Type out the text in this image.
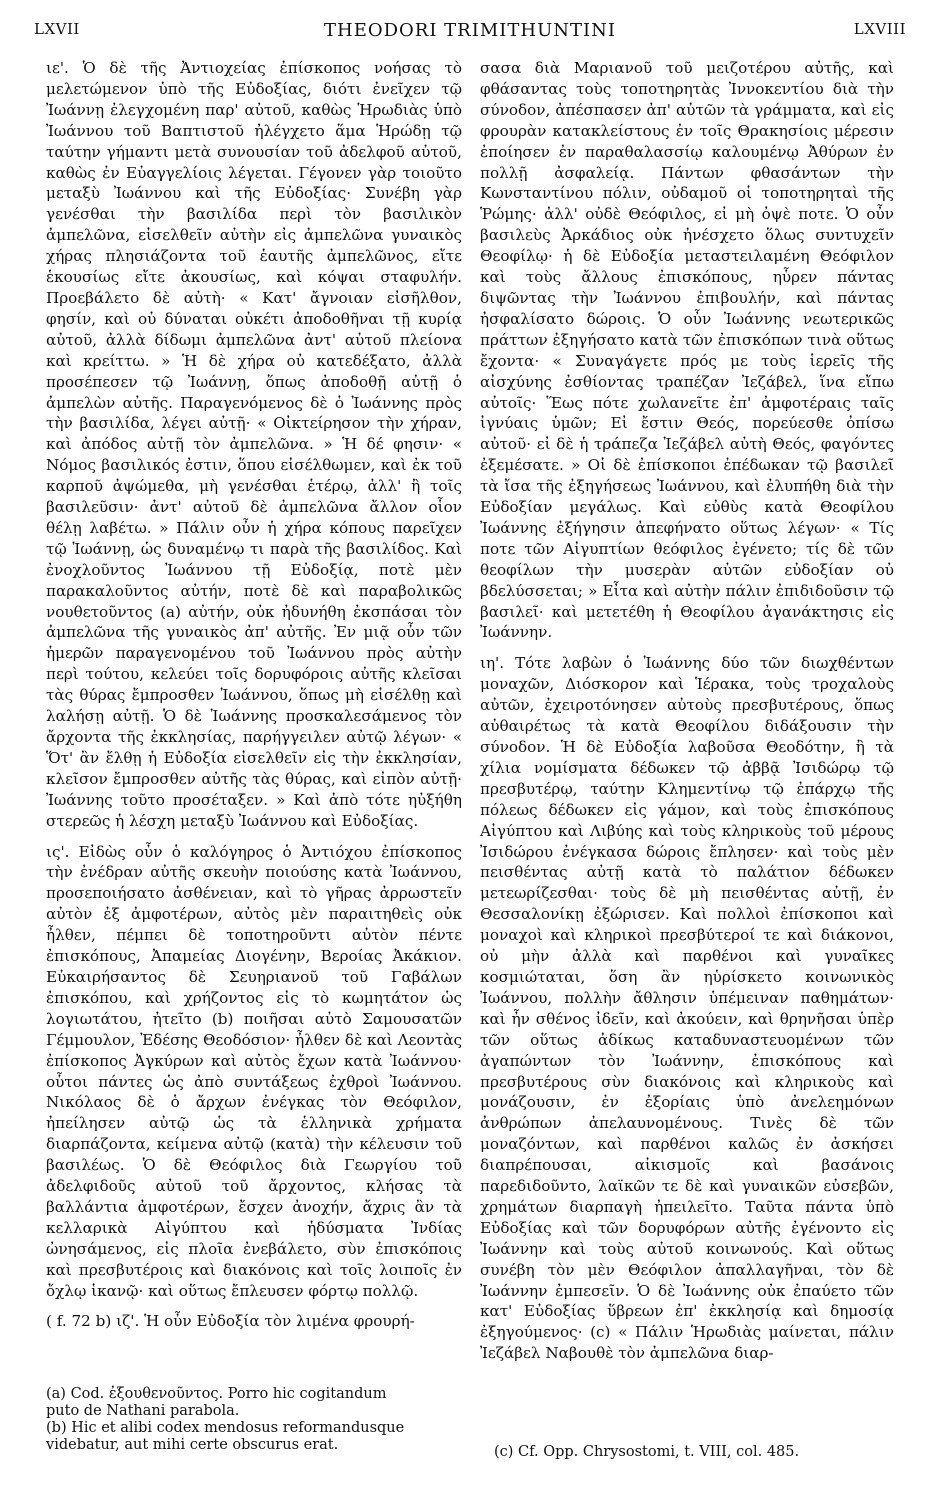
LXVII	THEODORI TRIMITHUNTINI	LXVIII

ιε'. Ὁ δὲ τῆς Ἀντιοχείας ἐπίσκοπος νοήσας τὸ μελετώμενον ὑπὸ τῆς Εὐδοξίας, διότι ἐνεῖχεν τῷ Ἰωάννῃ ἐλεγχομένη παρ' αὐτοῦ, καθὼς Ἡρωδιὰς ὑπὸ Ἰωάννου τοῦ Βαπτιστοῦ ἠλέγχετο ἅμα Ἡρώδῃ τῷ ταύτην γήμαντι μετὰ συνουσίαν τοῦ ἀδελφοῦ αὐτοῦ, καθὼς ἐν Εὐαγγελίοις λέγεται. Γέγονεν γὰρ τοιοῦτο μεταξὺ Ἰωάννου καὶ τῆς Εὐδοξίας· Συνέβη γὰρ γενέσθαι τὴν βασιλίδα περὶ τὸν βασιλικὸν ἀμπελῶνα, εἰσελθεῖν αὐτὴν εἰς ἀμπελῶνα γυναικὸς χήρας πλησιάζοντα τοῦ ἑαυτῆς ἀμπελῶνος, εἴτε ἑκουσίως εἴτε ἀκουσίως, καὶ κόψαι σταφυλήν. Προεβάλετο δὲ αὐτὴ· « Κατ' ἄγνοιαν εἰσῆλθον, φησίν, καὶ οὐ δύναται οὐκέτι ἀποδοθῆναι τῇ κυρίᾳ αὐτοῦ, ἀλλὰ δίδωμι ἀμπελῶνα ἀντ' αὐτοῦ πλείονα καὶ κρείττω. » Ἡ δὲ χήρα οὐ κατεδέξατο, ἀλλὰ προσέπεσεν τῷ Ἰωάννῃ, ὅπως ἀποδοθῇ αὐτῇ ὁ ἀμπελὼν αὐτῆς. Παραγενόμενος δὲ ὁ Ἰωάννης πρὸς τὴν βασιλίδα, λέγει αὐτῇ· « Οἰκτείρησον τὴν χήραν, καὶ ἀπόδος αὐτῇ τὸν ἀμπελῶνα. » Ἡ δέ φησιν· « Νόμος βασιλικός ἐστιν, ὅπου εἰσέλθωμεν, καὶ ἐκ τοῦ καρποῦ ἀψώμεθα, μὴ γενέσθαι ἑτέρῳ, ἀλλ' ἢ τοῖς βασιλεῦσιν· ἀντ' αὐτοῦ δὲ ἀμπελῶνα ἄλλον οἷον θέλῃ λαβέτω. » Πάλιν οὖν ἡ χήρα κόπους παρεῖχεν τῷ Ἰωάννῃ, ὡς δυναμένῳ τι παρὰ τῆς βασιλίδος. Καὶ ἐνοχλοῦντος Ἰωάννου τῇ Εὐδοξίᾳ, ποτὲ μὲν παρακαλοῦντος αὐτήν, ποτὲ δὲ καὶ παραβολικῶς νουθετοῦντος (a) αὐτήν, οὐκ ἠδυνήθη ἐκσπάσαι τὸν ἀμπελῶνα τῆς γυναικὸς ἀπ' αὐτῆς. Ἐν μιᾷ οὖν τῶν ἡμερῶν παραγενομένου τοῦ Ἰωάννου πρὸς αὐτὴν περὶ τούτου, κελεύει τοῖς δορυφόροις αὐτῆς κλεῖσαι τὰς θύρας ἔμπροσθεν Ἰωάννου, ὅπως μὴ εἰσέλθῃ καὶ λαλήσῃ αὐτῇ. Ὁ δὲ Ἰωάννης προσκαλεσάμενος τὸν ἄρχοντα τῆς ἐκκλησίας, παρήγγειλεν αὐτῷ λέγων· « Ὅτ' ἂν ἔλθῃ ἡ Εὐδοξία εἰσελθεῖν εἰς τὴν ἐκκλησίαν, κλεῖσον ἔμπροσθεν αὐτῆς τὰς θύρας, καὶ εἰπὸν αὐτῇ· Ἰωάννης τοῦτο προσέταξεν. » Καὶ ἀπὸ τότε ηὐξήθη στερεῶς ἡ λέσχη μεταξὺ Ἰωάννου καὶ Εὐδοξίας.

ις'. Εἰδὼς οὖν ὁ καλόγηρος ὁ Ἀντιόχου ἐπίσκοπος τὴν ἐνέδραν αὐτῆς σκευὴν ποιούσης κατὰ Ἰωάννου, προσεποιήσατο ἀσθένειαν, καὶ τὸ γῆρας ἀρρωστεῖν αὐτὸν ἐξ ἀμφοτέρων, αὐτὸς μὲν παραιτηθεὶς οὐκ ἦλθεν, πέμπει δὲ τοποτηροῦντι αὐτὸν πέντε ἐπισκόπους, Ἀπαμείας Διογένην, Βεροίας Ἀκάκιον. Εὐκαιρήσαντος δὲ Σευηριανοῦ τοῦ Γαβάλων ἐπισκόπου, καὶ χρήζοντος εἰς τὸ κωμητάτον ὡς λογιωτάτου, ἠτεῖτο (b) ποιῆσαι αὐτὸ Σαμουσατῶν Γέμμουλον, Ἐδέσης Θεοδόσιον· ἦλθεν δὲ καὶ Λεοντὰς ἐπίσκοπος Ἀγκύρων καὶ αὐτὸς ἔχων κατὰ Ἰωάννου· οὗτοι πάντες ὡς ἀπὸ συντάξεως ἐχθροὶ Ἰωάννου. Νικόλαος δὲ ὁ ἄρχων ἐνέγκας τὸν Θεόφιλον, ἠπείλησεν αὐτῷ ὡς τὰ ἑλληνικὰ χρήματα διαρπάζοντα, κείμενα αὐτῷ (κατὰ) τὴν κέλευσιν τοῦ βασιλέως. Ὁ δὲ Θεόφιλος διὰ Γεωργίου τοῦ ἀδελφιδοῦς αὐτοῦ τοῦ ἄρχοντος, κλήσας τὰ βαλλάντια ἀμφοτέρων, ἔσχεν ἀνοχήν, ἄχρις ἂν τὰ κελλαρικὰ Αἰγύπτου καὶ ἡδύσματα Ἰνδίας ὠνησάμενος, εἰς πλοῖα ἐνεβάλετο, σὺν ἐπισκόποις καὶ πρεσβυτέροις καὶ διακόνοις καὶ τοῖς λοιποῖς ἐν ὄχλῳ ἱκανῷ· καὶ οὕτως ἔπλευσεν φόρτῳ πολλῷ.

( f. 72 b) ιζ'. Ἡ οὖν Εὐδοξία τὸν λιμένα φρουρή-

σασα διὰ Μαριανοῦ τοῦ μειζοτέρου αὐτῆς, καὶ φθάσαντας τοὺς τοποτηρητὰς Ἰννοκεντίου διὰ τὴν σύνοδον, ἀπέσπασεν ἀπ' αὐτῶν τὰ γράμματα, καὶ εἰς φρουρὰν κατακλείστους ἐν τοῖς Θρακησίοις μέρεσιν ἐποίησεν ἐν παραθαλασσίῳ καλουμένῳ Ἀθύρων ἐν πολλῇ ἀσφαλείᾳ. Πάντων φθασάντων τὴν Κωνσταντίνου πόλιν, οὐδαμοῦ οἱ τοποτηρηταὶ τῆς Ῥώμης· ἀλλ' οὐδὲ Θεόφιλος, εἰ μὴ ὀψὲ ποτε. Ὁ οὖν βασιλεὺς Ἀρκάδιος οὐκ ἠνέσχετο ὅλως συντυχεῖν Θεοφίλῳ· ἡ δὲ Εὐδοξία μεταστειλαμένη Θεόφιλον καὶ τοὺς ἄλλους ἐπισκόπους, ηὗρεν πάντας διψῶντας τὴν Ἰωάννου ἐπιβουλήν, καὶ πάντας ἠσφαλίσατο δώροις. Ὁ οὖν Ἰωάννης νεωτερικῶς πράττων ἐξηγήσατο κατὰ τῶν ἐπισκόπων τινὰ οὕτως ἔχοντα· « Συναγάγετε πρός με τοὺς ἱερεῖς τῆς αἰσχύνης ἐσθίοντας τραπέζαν Ἰεζάβελ, ἵνα εἴπω αὐτοῖς· Ἕως πότε χωλανεῖτε ἐπ' ἀμφοτέραις ταῖς ἰγνύαις ὑμῶν; Εἰ ἔστιν Θεός, πορεύεσθε ὀπίσω αὐτοῦ· εἰ δὲ ἡ τράπεζα Ἰεζάβελ αὐτὴ Θεός, φαγόντες ἐξεμέσατε. » Οἱ δὲ ἐπίσκοποι ἐπέδωκαν τῷ βασιλεῖ τὰ ἴσα τῆς ἐξηγήσεως Ἰωάννου, καὶ ἐλυπήθη διὰ τὴν Εὐδοξίαν μεγάλως. Καὶ εὐθὺς κατὰ Θεοφίλου Ἰωάννης ἐξήγησιν ἀπεφήνατο οὕτως λέγων· « Τίς ποτε τῶν Αἰγυπτίων θεόφιλος ἐγένετο; τίς δὲ τῶν θεοφίλων τὴν μυσερὰν αὐτῶν εὐδοξίαν οὐ βδελύσσεται; » Εἶτα καὶ αὐτὴν πάλιν ἐπιδιδοῦσιν τῷ βασιλεῖ· καὶ μετετέθη ἡ Θεοφίλου ἀγανάκτησις εἰς Ἰωάννην.

ιη'. Τότε λαβὼν ὁ Ἰωάννης δύο τῶν διωχθέντων μοναχῶν, Διόσκορον καὶ Ἱέρακα, τοὺς τροχαλοὺς αὐτῶν, ἐχειροτόνησεν αὐτοὺς πρεσβυτέρους, ὅπως αὐθαιρέτως τὰ κατὰ Θεοφίλου διδάξουσιν τὴν σύνοδον. Ἡ δὲ Εὐδοξία λαβοῦσα Θεοδότην, ἢ τὰ χίλια νομίσματα δέδωκεν τῷ ἀββᾷ Ἰσιδώρῳ τῷ πρεσβυτέρῳ, ταύτην Κλημεντίνῳ τῷ ἐπάρχῳ τῆς πόλεως δέδωκεν εἰς γάμον, καὶ τοὺς ἐπισκόπους Αἰγύπτου καὶ Λιβύης καὶ τοὺς κληρικοὺς τοῦ μέρους Ἰσιδώρου ἐνέγκασα δώροις ἔπλησεν· καὶ τοὺς μὲν πεισθέντας αὐτῇ κατὰ τὸ παλάτιον δέδωκεν μετεωρίζεσθαι· τοὺς δὲ μὴ πεισθέντας αὐτῇ, ἐν Θεσσαλονίκῃ ἐξώρισεν. Καὶ πολλοὶ ἐπίσκοποι καὶ μοναχοὶ καὶ κληρικοὶ πρεσβύτεροί τε καὶ διάκονοι, οὐ μὴν ἀλλὰ καὶ παρθένοι καὶ γυναῖκες κοσμιώταται, ὅση ἂν ηὑρίσκετο κοινωνικὸς Ἰωάννου, πολλὴν ἄθλησιν ὑπέμειναν παθημάτων· καὶ ἦν σθένος ἰδεῖν, καὶ ἀκούειν, καὶ θρηνῆσαι ὑπὲρ τῶν οὕτως ἀδίκως καταδυναστευομένων τῶν ἀγαπώντων τὸν Ἰωάννην, ἐπισκόπους καὶ πρεσβυτέρους σὺν διακόνοις καὶ κληρικοὺς καὶ μονάζουσιν, ἐν ἐξορίαις ὑπὸ ἀνελεημόνων ἀνθρώπων ἀπελαυνομένους. Τινὲς δὲ τῶν μοναζόντων, καὶ παρθένοι καλῶς ἐν ἀσκήσει διαπρέπουσαι, αἰκισμοῖς καὶ βασάνοις παρεδιδοῦντο, λαϊκῶν τε δὲ καὶ γυναικῶν εὐσεβῶν, χρημάτων διαρπαγὴ ἠπειλεῖτο. Ταῦτα πάντα ὑπὸ Εὐδοξίας καὶ τῶν δορυφόρων αὐτῆς ἐγένοντο εἰς Ἰωάννην καὶ τοὺς αὐτοῦ κοινωνούς. Καὶ οὕτως συνέβη τὸν μὲν Θεόφιλον ἀπαλλαγῆναι, τὸν δὲ Ἰωάννην ἐμπεσεῖν. Ὁ δὲ Ἰωάννης οὐκ ἐπαύετο τῶν κατ' Εὐδοξίας ὕβρεων ἐπ' ἐκκλησίᾳ καὶ δημοσίᾳ ἐξηγούμενος· (c) « Πάλιν Ἡρωδιὰς μαίνεται, πάλιν Ἰεζάβελ Ναβουθὲ τὸν ἀμπελῶνα διαρ-

(a) Cod. ἐξουθενοῦντος. Porro hic cogitandum
puto de Nathani parabola.
(b) Hic et alibi codex mendosus reformandusque
videbatur, aut mihi certe obscurus erat.	(c) Cf. Opp. Chrysostomi, t. VIII, col. 485.
